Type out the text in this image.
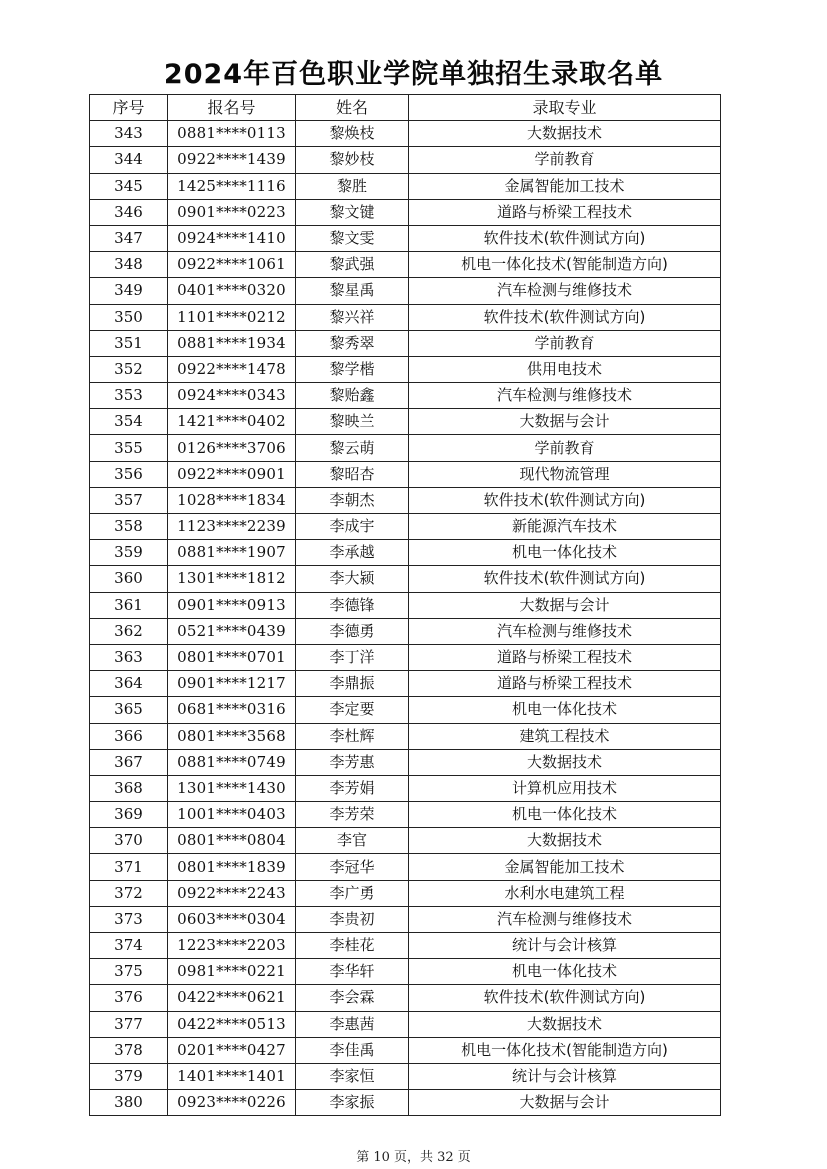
2024年百色职业学院单独招生录取名单
序号	报名号	姓名	录取专业
343	0881****0113	黎焕枝	大数据技术
344	0922****1439	黎妙枝	学前教育
345	1425****1116	黎胜	金属智能加工技术
346	0901****0223	黎文键	道路与桥梁工程技术
347	0924****1410	黎文雯	软件技术(软件测试方向)
348	0922****1061	黎武强	机电一体化技术(智能制造方向)
349	0401****0320	黎星禹	汽车检测与维修技术
350	1101****0212	黎兴祥	软件技术(软件测试方向)
351	0881****1934	黎秀翠	学前教育
352	0922****1478	黎学楷	供用电技术
353	0924****0343	黎贻鑫	汽车检测与维修技术
354	1421****0402	黎映兰	大数据与会计
355	0126****3706	黎云萌	学前教育
356	0922****0901	黎昭杏	现代物流管理
357	1028****1834	李朝杰	软件技术(软件测试方向)
358	1123****2239	李成宇	新能源汽车技术
359	0881****1907	李承越	机电一体化技术
360	1301****1812	李大颍	软件技术(软件测试方向)
361	0901****0913	李德锋	大数据与会计
362	0521****0439	李德勇	汽车检测与维修技术
363	0801****0701	李丁洋	道路与桥梁工程技术
364	0901****1217	李鼎振	道路与桥梁工程技术
365	0681****0316	李定要	机电一体化技术
366	0801****3568	李杜辉	建筑工程技术
367	0881****0749	李芳惠	大数据技术
368	1301****1430	李芳娟	计算机应用技术
369	1001****0403	李芳荣	机电一体化技术
370	0801****0804	李官	大数据技术
371	0801****1839	李冠华	金属智能加工技术
372	0922****2243	李广勇	水利水电建筑工程
373	0603****0304	李贵初	汽车检测与维修技术
374	1223****2203	李桂花	统计与会计核算
375	0981****0221	李华轩	机电一体化技术
376	0422****0621	李会霖	软件技术(软件测试方向)
377	0422****0513	李惠茜	大数据技术
378	0201****0427	李佳禹	机电一体化技术(智能制造方向)
379	1401****1401	李家恒	统计与会计核算
380	0923****0226	李家振	大数据与会计
第 10 页，共 32 页
